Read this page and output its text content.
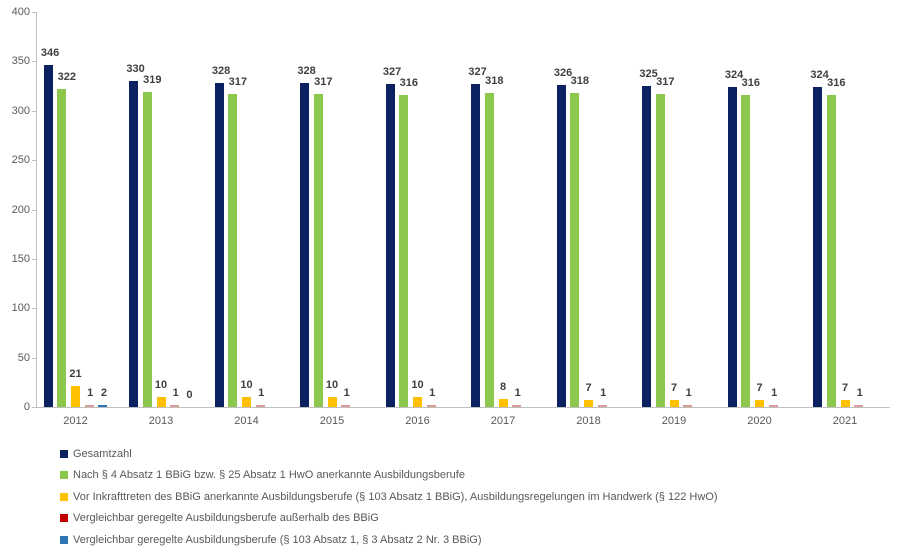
0
50
100
150
200
250
300
350
400
346
322
21
1 2
2012
330
319
10
1 0
2013
328
317
10
1
2014
328
317
10
1
2015
327
316
10
1
2016
327
318
8 1
2017
326
318
7 1
2018
325
317
7 1
2019
324
316
7 1
2020
324
316
7 1
2021
Gesamtzahl
Nach § 4 Absatz 1 BBiG bzw. § 25 Absatz 1 HwO anerkannte Ausbildungsberufe
Vor Inkrafttreten des BBiG anerkannte Ausbildungsberufe (§ 103 Absatz 1 BBiG), Ausbildungsregelungen im Handwerk (§ 122 HwO)
Vergleichbar geregelte Ausbildungsberufe außerhalb des BBiG
Vergleichbar geregelte Ausbildungsberufe (§ 103 Absatz 1, § 3 Absatz 2 Nr. 3 BBiG)
